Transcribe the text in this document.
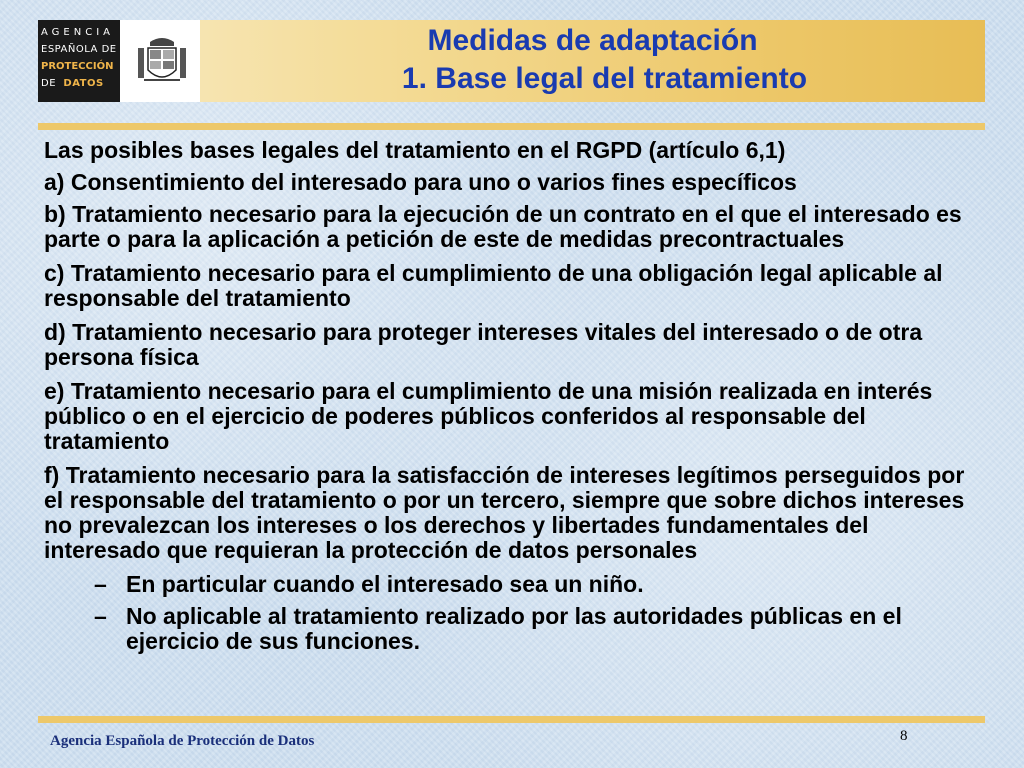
AGENCIA
ESPAÑOLA DE
PROTECCIÓN
DE DATOS
Medidas de adaptación
1. Base legal del tratamiento
Las posibles bases legales del tratamiento en el RGPD (artículo 6,1)
a) Consentimiento del interesado para uno o varios fines específicos
b) Tratamiento necesario para la ejecución de un contrato en el que el interesado es parte o para la aplicación a petición de este de medidas precontractuales
c) Tratamiento necesario para el cumplimiento de una obligación legal aplicable al responsable del tratamiento
d) Tratamiento necesario para proteger intereses vitales del interesado o de otra persona física
e) Tratamiento necesario para el cumplimiento de una misión realizada en interés público o en el ejercicio de poderes públicos conferidos al responsable del tratamiento
f) Tratamiento necesario para la satisfacción de intereses legítimos perseguidos por el responsable del tratamiento o por un tercero, siempre que sobre dichos intereses no prevalezcan los intereses o los derechos y libertades fundamentales del interesado que requieran la protección de datos personales
– En particular cuando el interesado sea un niño.
– No aplicable al tratamiento realizado por las autoridades públicas en el ejercicio de sus funciones.
Agencia Española de Protección de Datos	8
